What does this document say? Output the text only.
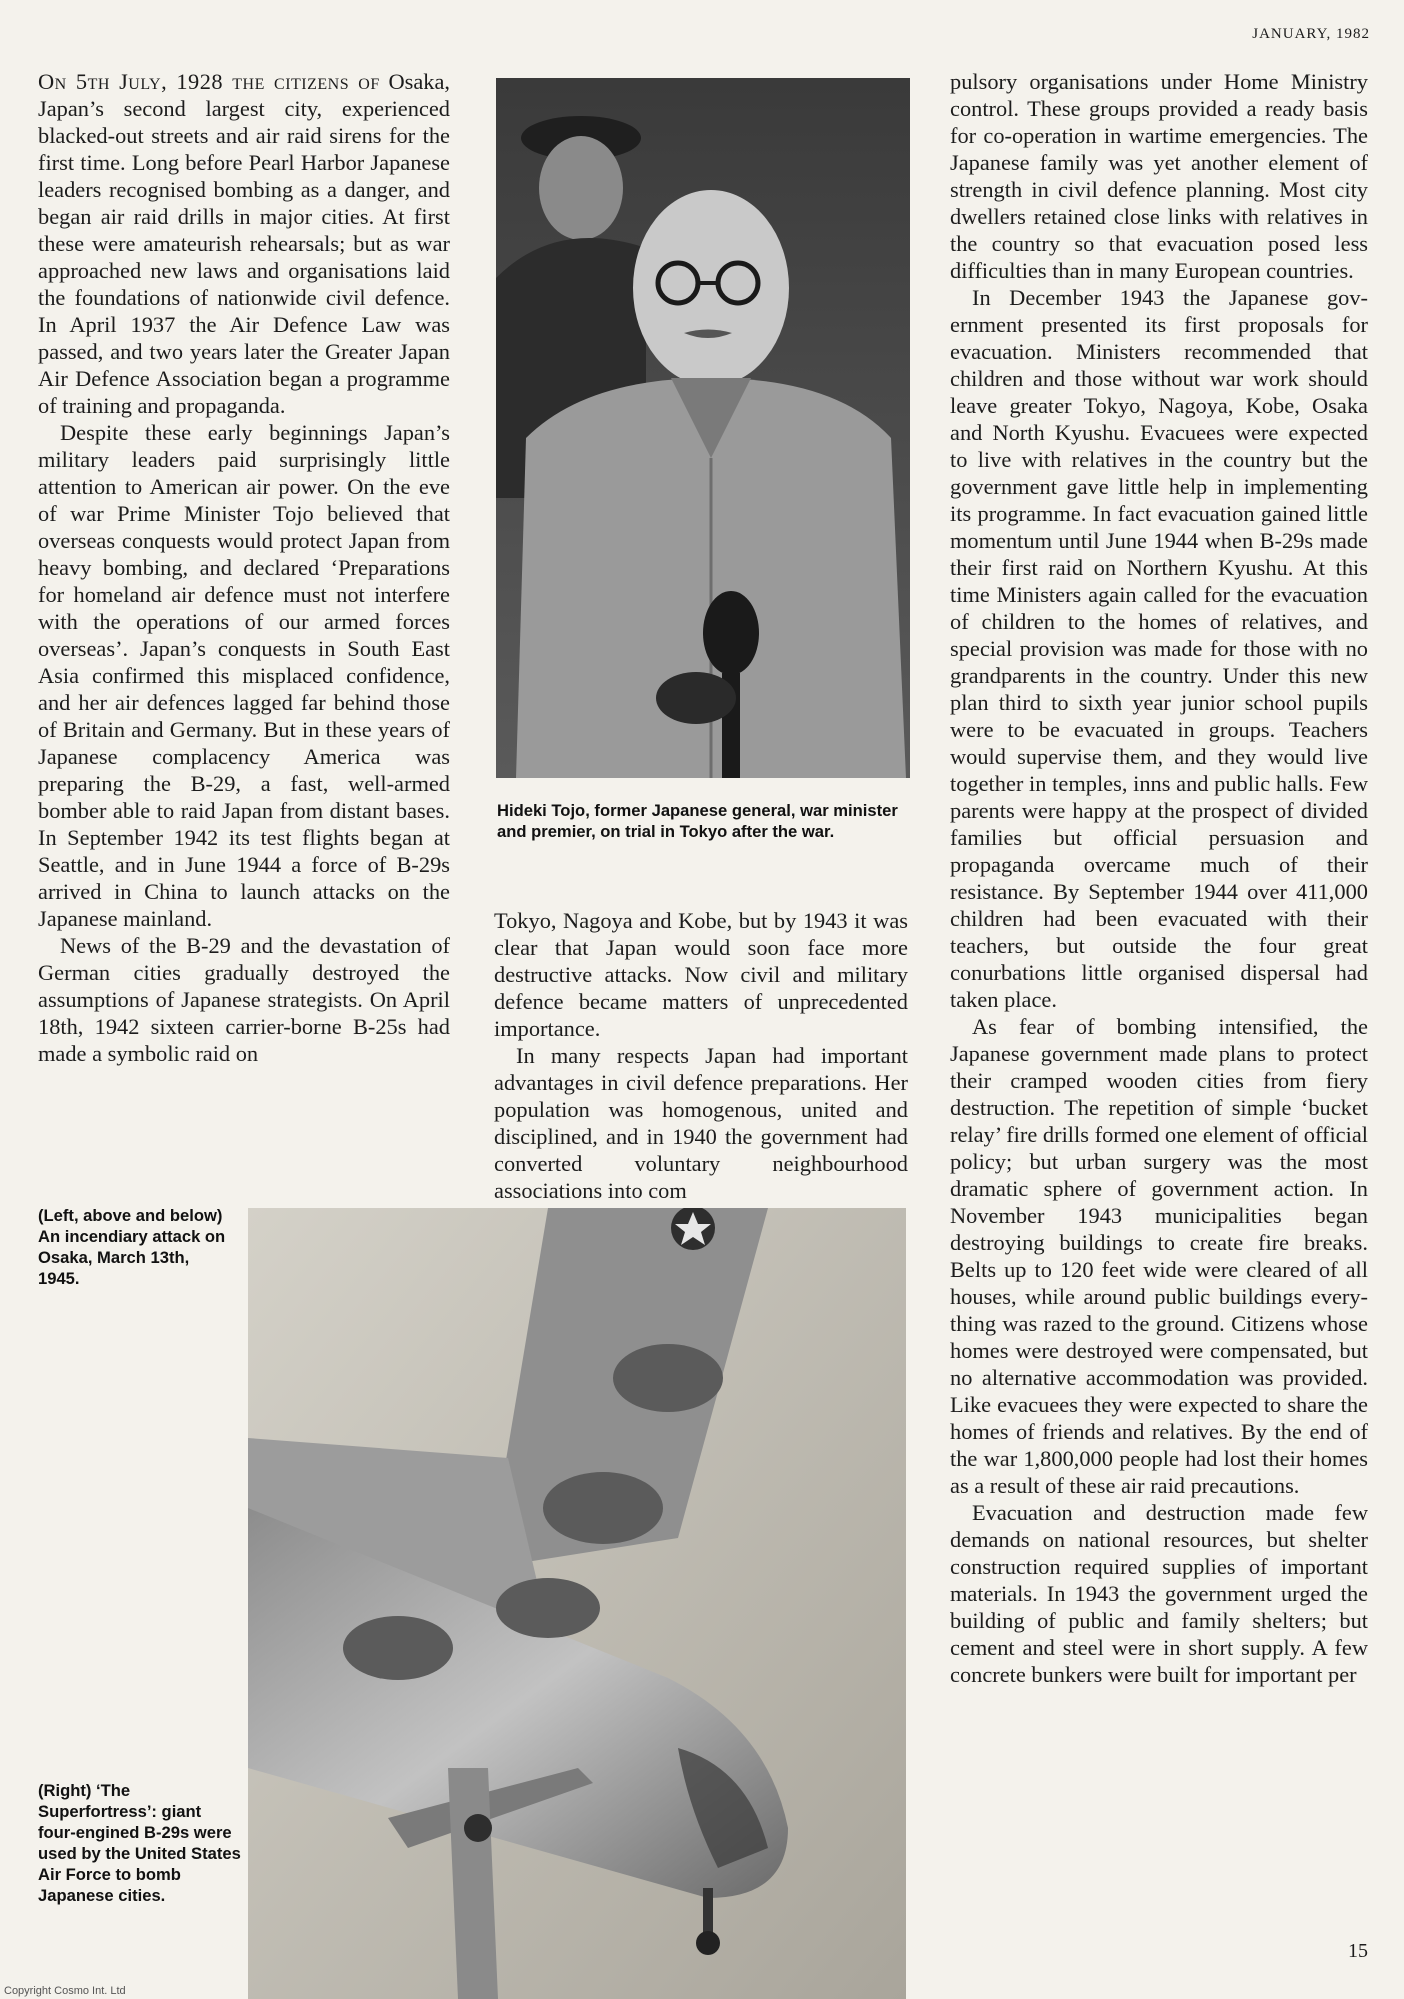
JANUARY, 1982

On 5th July, 1928 the citizens of Osaka, Japan’s second largest city, experienced blacked-out streets and air raid sirens for the first time. Long before Pearl Harbor Japanese leaders recognised bombing as a danger, and began air raid drills in major cities. At first these were amateurish rehearsals; but as war approached new laws and organisations laid the foundations of nationwide civil defence. In April 1937 the Air Defence Law was passed, and two years later the Greater Japan Air Defence Association began a programme of training and propaganda.

Despite these early beginnings Japan’s military leaders paid surprisingly little attention to American air power. On the eve of war Prime Minister Tojo believed that overseas conquests would protect Japan from heavy bombing, and declared ‘Preparations for homeland air defence must not interfere with the operations of our armed forces overseas’. Japan’s conquests in South East Asia confirmed this misplaced confidence, and her air defences lagged far behind those of Britain and Germany. But in these years of Japanese complacency America was preparing the B-29, a fast, well-armed bomber able to raid Japan from distant bases. In September 1942 its test flights began at Seattle, and in June 1944 a force of B-29s arrived in China to launch attacks on the Japanese mainland.

News of the B-29 and the devastation of German cities gradually destroyed the assumptions of Japanese strategists. On April 18th, 1942 sixteen carrier-borne B-25s had made a symbolic raid on

Hideki Tojo, former Japanese general, war minister and premier, on trial in Tokyo after the war.

Tokyo, Nagoya and Kobe, but by 1943 it was clear that Japan would soon face more destructive attacks. Now civil and military defence became matters of unprecedented importance.

In many respects Japan had important advantages in civil defence preparations. Her population was homogenous, united and disciplined, and in 1940 the government had converted voluntary neighbourhood associations into com

pulsory organisations under Home Ministry control. These groups provided a ready basis for co-operation in wartime emergencies. The Japanese family was yet another element of strength in civil defence planning. Most city dwellers retained close links with relatives in the country so that evacuation posed less difficulties than in many European countries.

In December 1943 the Japanese government presented its first proposals for evacuation. Ministers recommended that children and those without war work should leave greater Tokyo, Nagoya, Kobe, Osaka and North Kyushu. Evacuees were expected to live with relatives in the country but the government gave little help in implementing its programme. In fact evacuation gained little momentum until June 1944 when B-29s made their first raid on Northern Kyushu. At this time Ministers again called for the evacuation of children to the homes of relatives, and special provision was made for those with no grandparents in the country. Under this new plan third to sixth year junior school pupils were to be evacuated in groups. Teachers would supervise them, and they would live together in temples, inns and public halls. Few parents were happy at the prospect of divided families but official persuasion and propaganda overcame much of their resistance. By September 1944 over 411,000 children had been evacuated with their teachers, but outside the four great conurbations little organised dispersal had taken place.

As fear of bombing intensified, the Japanese government made plans to protect their cramped wooden cities from fiery destruction. The repetition of simple ‘bucket relay’ fire drills formed one element of official policy; but urban surgery was the most dramatic sphere of government action. In November 1943 municipalities began destroying buildings to create fire breaks. Belts up to 120 feet wide were cleared of all houses, while around public buildings everything was razed to the ground. Citizens whose homes were destroyed were compensated, but no alternative accommodation was provided. Like evacuees they were expected to share the homes of friends and relatives. By the end of the war 1,800,000 people had lost their homes as a result of these air raid precautions.

Evacuation and destruction made few demands on national resources, but shelter construction required supplies of important materials. In 1943 the government urged the building of public and family shelters; but cement and steel were in short supply. A few concrete bunkers were built for important per

(Left, above and below) An incendiary attack on Osaka, March 13th, 1945.
(Right) ‘The Superfortress’: giant four-engined B-29s were used by the United States Air Force to bomb Japanese cities.
15
Copyright Cosmo Int. Ltd
